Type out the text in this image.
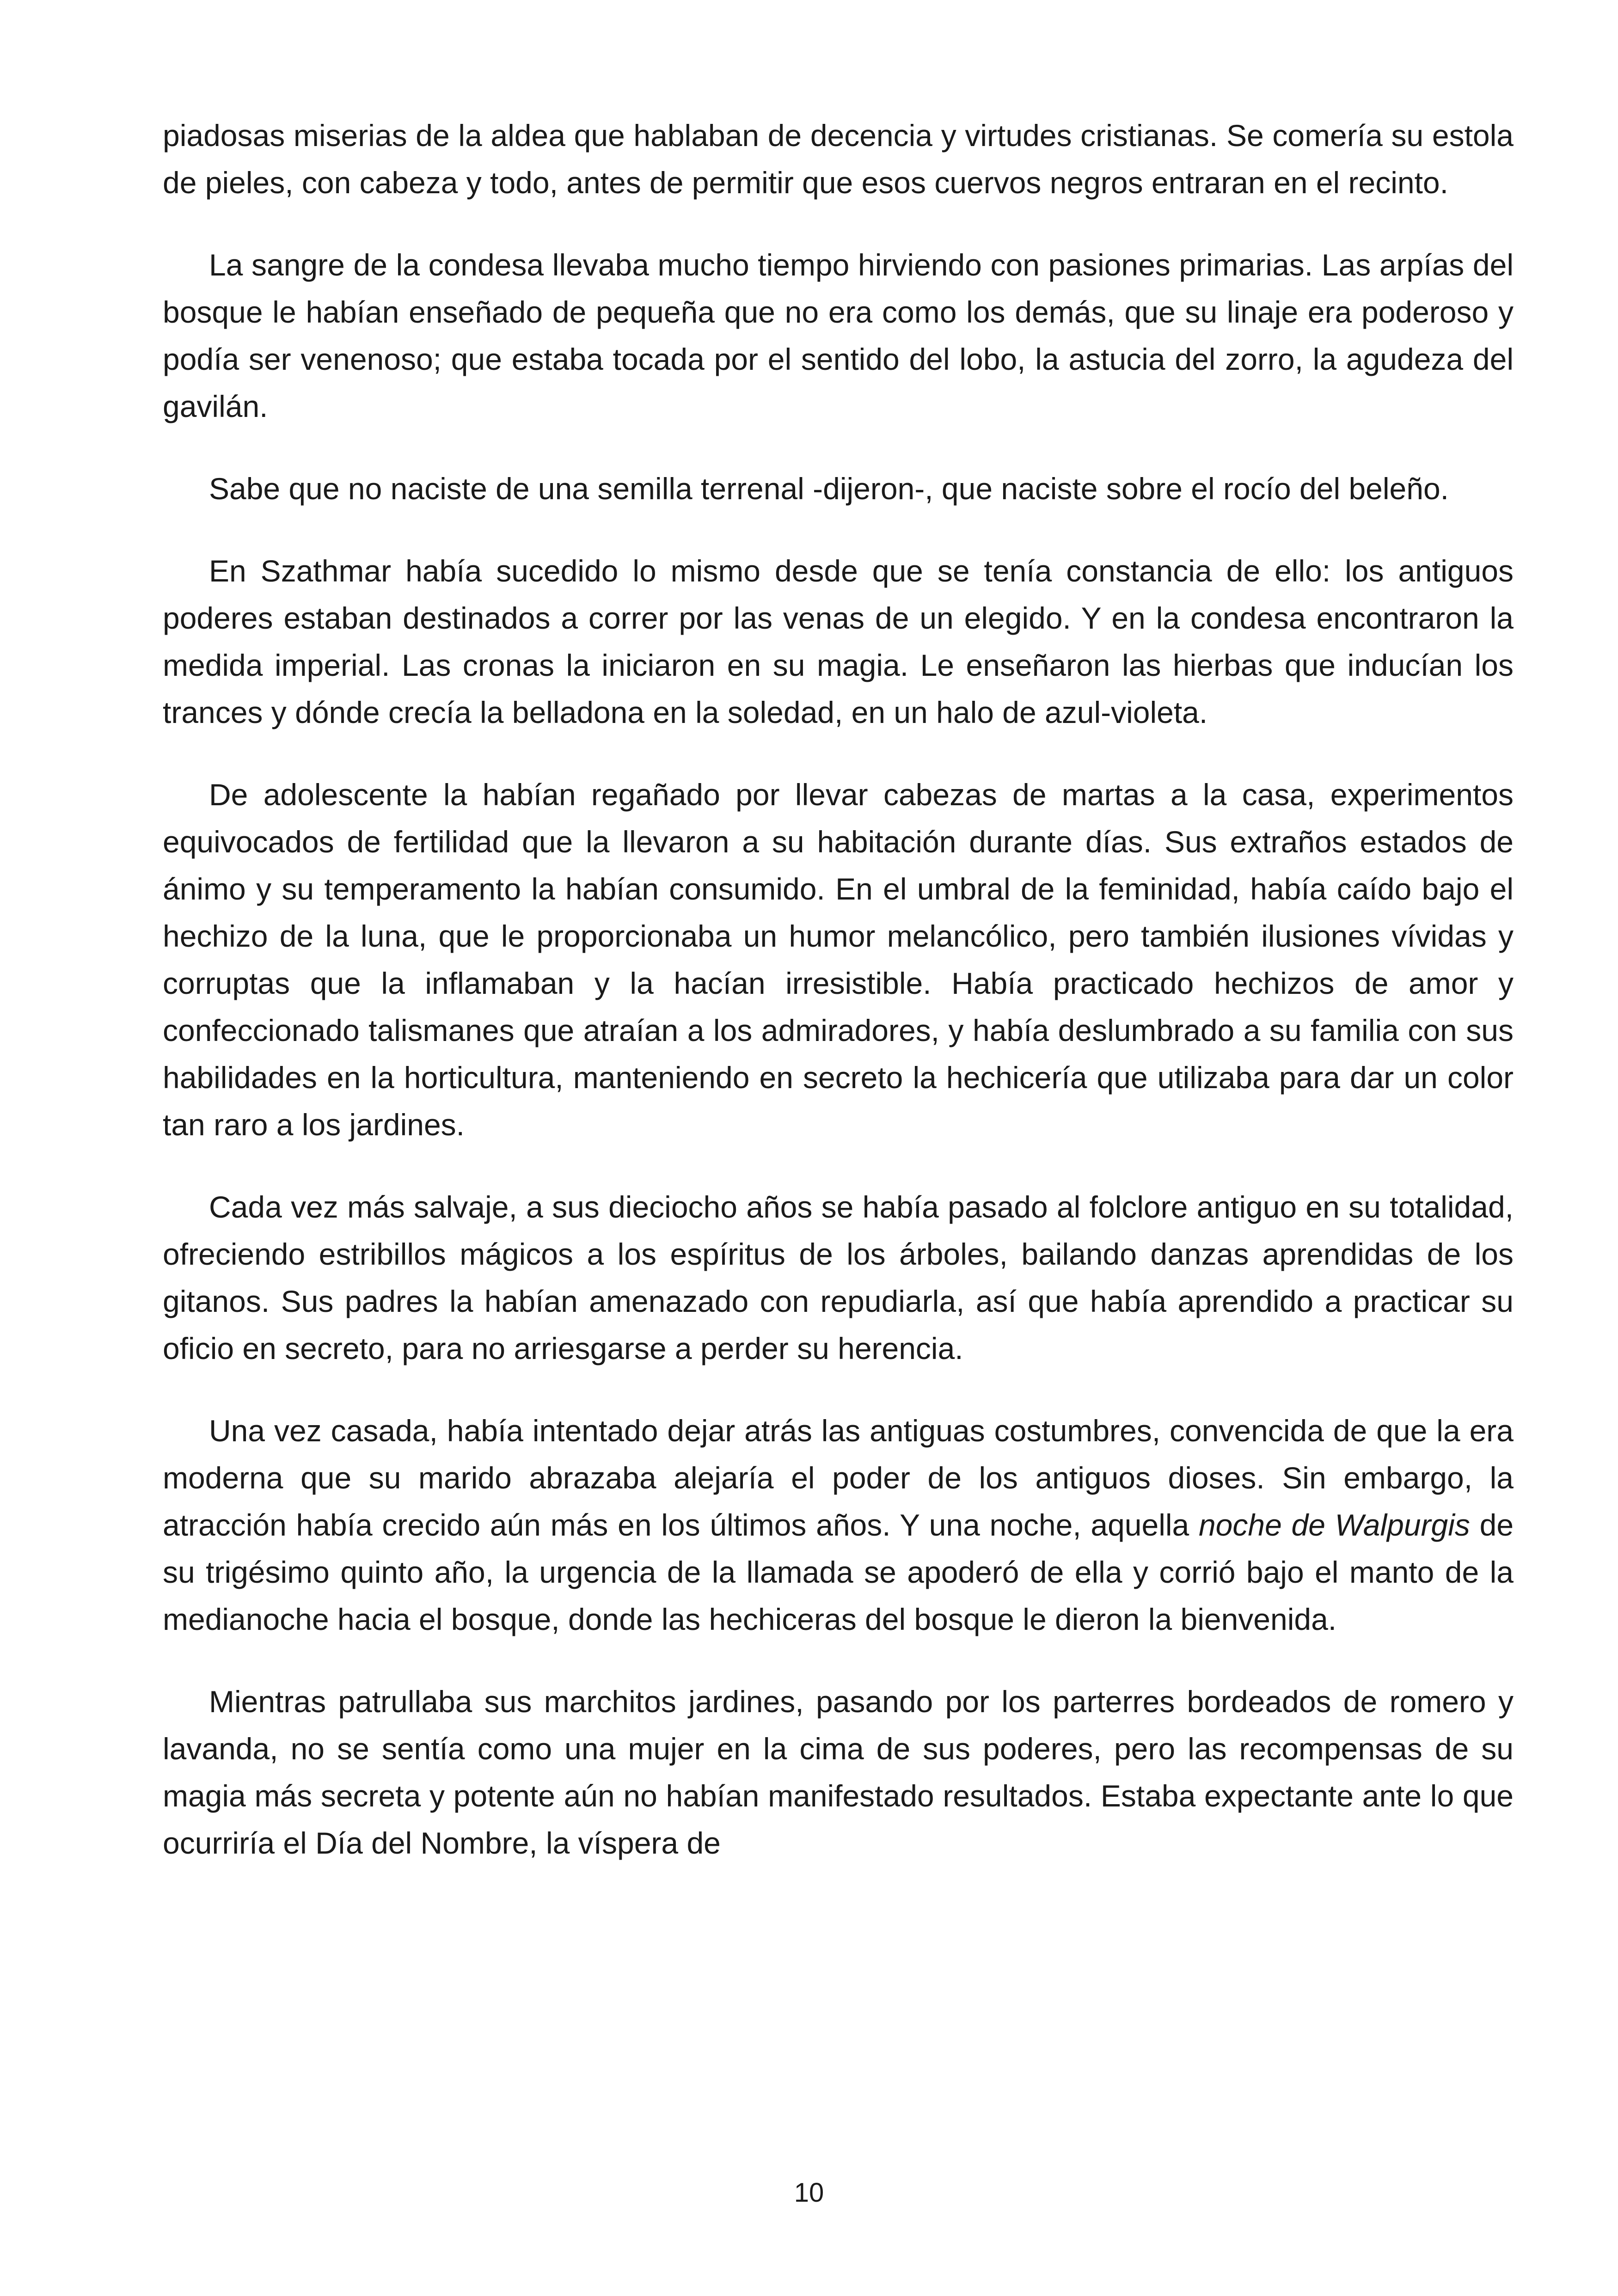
piadosas miserias de la aldea que hablaban de decencia y virtudes cristianas. Se comería su estola de pieles, con cabeza y todo, antes de permitir que esos cuervos negros entraran en el recinto.

La sangre de la condesa llevaba mucho tiempo hirviendo con pasiones primarias. Las arpías del bosque le habían enseñado de pequeña que no era como los demás, que su linaje era poderoso y podía ser venenoso; que estaba tocada por el sentido del lobo, la astucia del zorro, la agudeza del gavilán.

Sabe que no naciste de una semilla terrenal -dijeron-, que naciste sobre el rocío del beleño.

En Szathmar había sucedido lo mismo desde que se tenía constancia de ello: los antiguos poderes estaban destinados a correr por las venas de un elegido. Y en la condesa encontraron la medida imperial. Las cronas la iniciaron en su magia. Le enseñaron las hierbas que inducían los trances y dónde crecía la belladona en la soledad, en un halo de azul-violeta.

De adolescente la habían regañado por llevar cabezas de martas a la casa, experimentos equivocados de fertilidad que la llevaron a su habitación durante días. Sus extraños estados de ánimo y su temperamento la habían consumido. En el umbral de la feminidad, había caído bajo el hechizo de la luna, que le proporcionaba un humor melancólico, pero también ilusiones vívidas y corruptas que la inflamaban y la hacían irresistible. Había practicado hechizos de amor y confeccionado talismanes que atraían a los admiradores, y había deslumbrado a su familia con sus habilidades en la horticultura, manteniendo en secreto la hechicería que utilizaba para dar un color tan raro a los jardines.

Cada vez más salvaje, a sus dieciocho años se había pasado al folclore antiguo en su totalidad, ofreciendo estribillos mágicos a los espíritus de los árboles, bailando danzas aprendidas de los gitanos. Sus padres la habían amenazado con repudiarla, así que había aprendido a practicar su oficio en secreto, para no arriesgarse a perder su herencia.

Una vez casada, había intentado dejar atrás las antiguas costumbres, convencida de que la era moderna que su marido abrazaba alejaría el poder de los antiguos dioses. Sin embargo, la atracción había crecido aún más en los últimos años. Y una noche, aquella noche de Walpurgis de su trigésimo quinto año, la urgencia de la llamada se apoderó de ella y corrió bajo el manto de la medianoche hacia el bosque, donde las hechiceras del bosque le dieron la bienvenida.

Mientras patrullaba sus marchitos jardines, pasando por los parterres bordeados de romero y lavanda, no se sentía como una mujer en la cima de sus poderes, pero las recompensas de su magia más secreta y potente aún no habían manifestado resultados. Estaba expectante ante lo que ocurriría el Día del Nombre, la víspera de

10
